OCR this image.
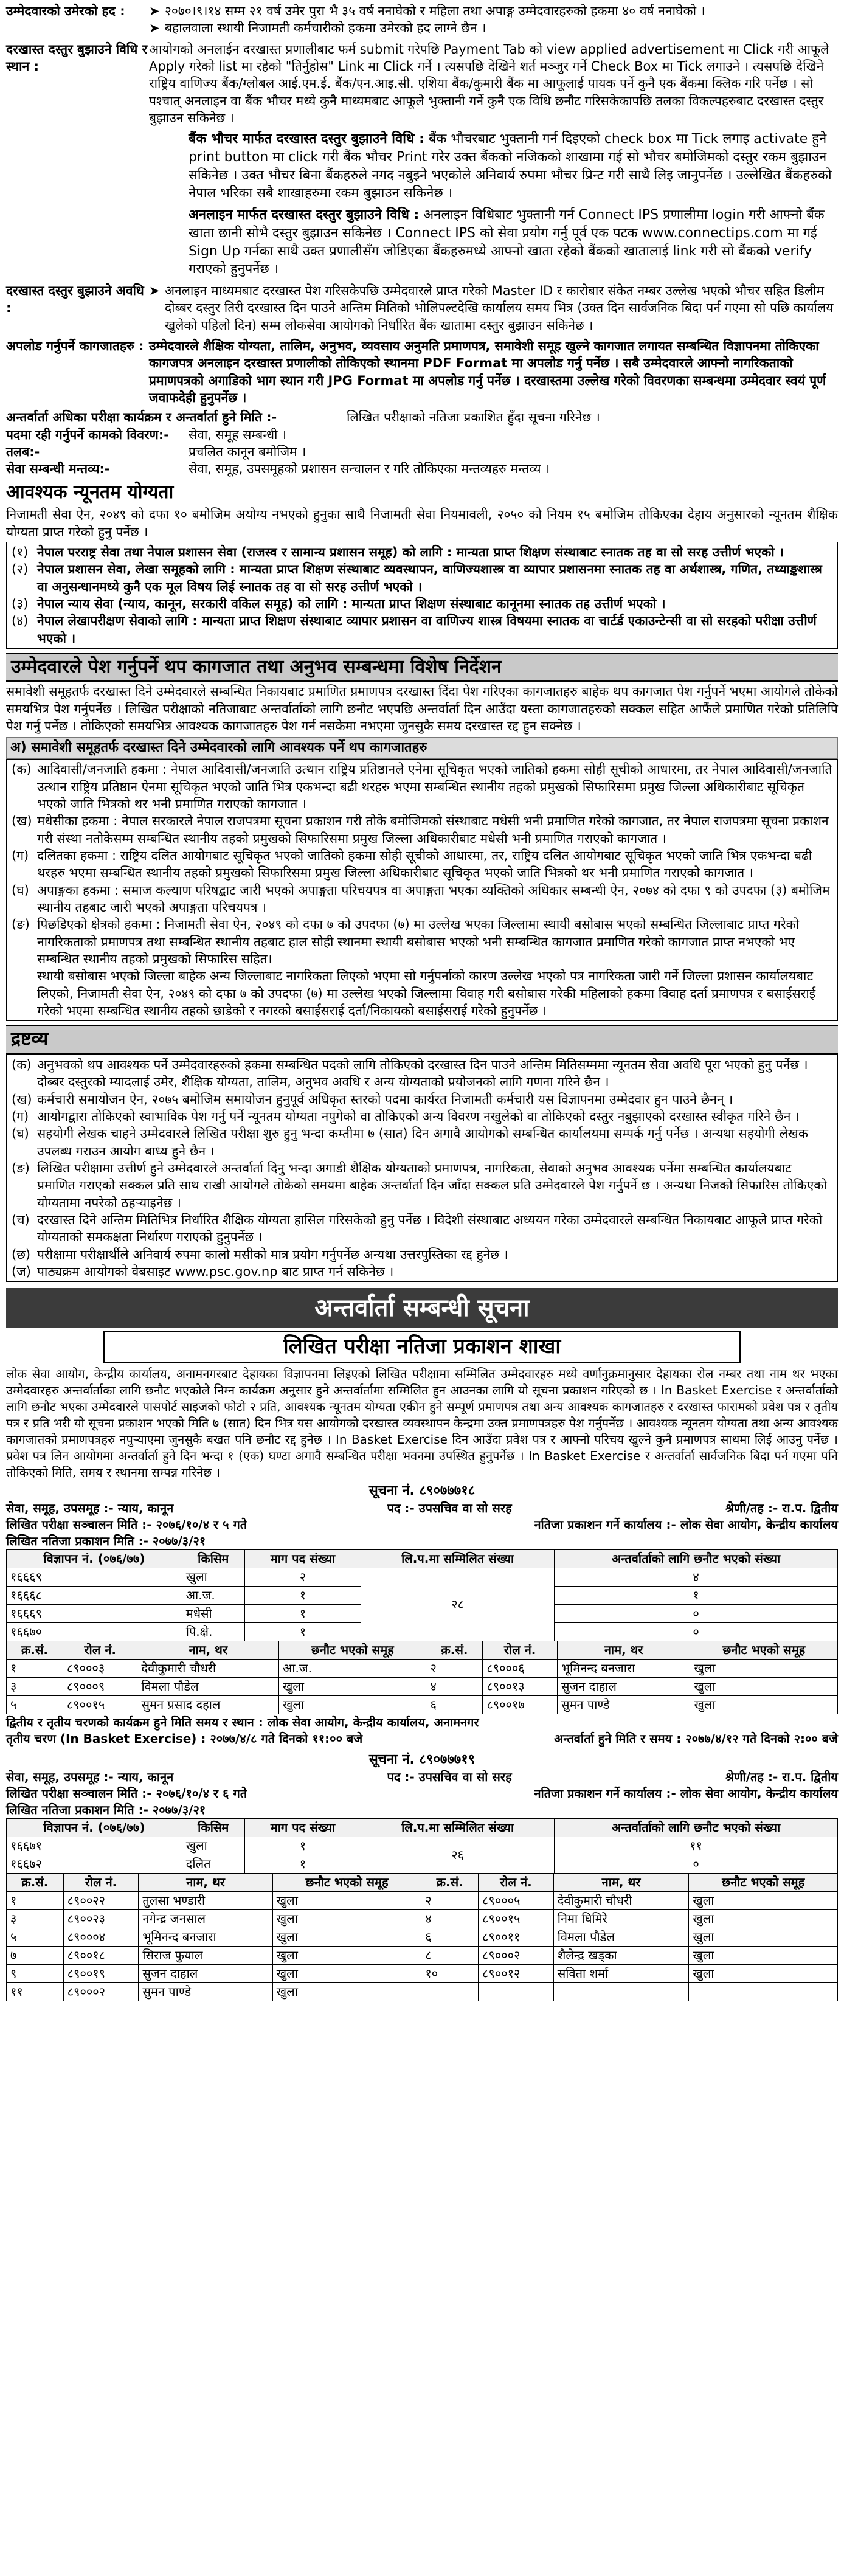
उम्मेदवारको उमेरको हद :	➤ २०७०।९।१४ सम्म २१ वर्ष उमेर पुरा भै ३५ वर्ष ननाघेको र महिला तथा अपाङ्ग उम्मेदवारहरुको हकमा ४० वर्ष ननाघेको ।
➤ बहालवाला स्थायी निजामती कर्मचारीको हकमा उमेरको हद लाग्ने छैन ।
दरखास्त दस्तुर बुझाउने विधि र स्थान :
आयोगको अनलाईन दरखास्त प्रणालीबाट फर्म submit गरेपछि Payment Tab को view applied advertisement मा Click गरी आफूले Apply गरेको list मा रहेको "तिर्नुहोस" Link मा Click गर्ने । त्यसपछि देखिने शर्त मञ्जुर गर्ने Check Box मा Tick लगाउने । त्यसपछि देखिने राष्ट्रिय वाणिज्य बैंक/ग्लोबल आई.एम.ई. बैंक/एन.आइ.सी. एशिया बैंक/कुमारी बैंक मा आफूलाई पायक पर्ने कुनै एक बैंकमा क्लिक गरि पर्नेछ । सो पश्चात् अनलाइन वा बैंक भौचर मध्ये कुनै माध्यमबाट आफूले भुक्तानी गर्ने कुनै एक विधि छनौट गरिसकेकापछि तलका विकल्पहरुबाट दरखास्त दस्तुर बुझाउन सकिनेछ ।
बैंक भौचर मार्फत दरखास्त दस्तुर बुझाउने विधि : बैंक भौचरबाट भुक्तानी गर्न दिइएको check box मा Tick लगाइ activate हुने print button मा click गरी बैंक भौचर Print गरेर उक्त बैंकको नजिकको शाखामा गई सो भौचर बमोजिमको दस्तुर रकम बुझाउन सकिनेछ । उक्त भौचर बिना बैंकहरुले नगद नबुझ्ने भएकोले अनिवार्य रुपमा भौचर प्रिन्ट गरी साथै लिइ जानुपर्नेछ । उल्लेखित बैंकहरुको नेपाल भरिका सबै शाखाहरुमा रकम बुझाउन सकिनेछ ।
अनलाइन मार्फत दरखास्त दस्तुर बुझाउने विधि : अनलाइन विधिबाट भुक्तानी गर्न Connect IPS प्रणालीमा login गरी आफ्नो बैंक खाता छानी सोभै दस्तुर बुझाउन सकिनेछ । Connect IPS को सेवा प्रयोग गर्नु पूर्व एक पटक www.connectips.com मा गई Sign Up गर्नका साथै उक्त प्रणालीसँग जोडिएका बैंकहरुमध्ये आफ्नो खाता रहेको बैंकको खातालाई link गरी सो बैंकको verify गराएको हुनुपर्नेछ ।
दरखास्त दस्तुर बुझाउने अवधि :
➤ अनलाइन माध्यमबाट दरखास्त पेश गरिसकेपछि उम्मेदवारले प्राप्त गरेको Master ID र कारोबार संकेत नम्बर उल्लेख भएको भौचर सहित डिलीम दोब्बर दस्तुर तिरी दरखास्त दिन पाउने अन्तिम मितिको भोलिपल्टदेखि कार्यालय समय भित्र (उक्त दिन सार्वजनिक बिदा पर्न गएमा सो पछि कार्यालय खुलेको पहिलो दिन) सम्म लोकसेवा आयोगको निर्धारित बैंक खातामा दस्तुर बुझाउन सकिनेछ ।
अपलोड गर्नुपर्ने कागजातहरु : उम्मेदवारले शैक्षिक योग्यता, तालिम, अनुभव, व्यवसाय अनुमति प्रमाणपत्र, समावेशी समूह खुल्ने कागजात लगायत सम्बन्धित विज्ञापनमा तोकिएका कागजपत्र अनलाइन दरखास्त प्रणालीको तोकिएको स्थानमा PDF Format मा अपलोड गर्नु पर्नेछ । सबै उम्मेदवारले आफ्नो नागरिकताको प्रमाणपत्रको अगाडिको भाग स्थान गरी JPG Format मा अपलोड गर्नु पर्नेछ । दरखास्तमा उल्लेख गरेको विवरणका सम्बन्धमा उम्मेदवार स्वयं पूर्ण जवाफदेही हुनुपर्नेछ ।
अन्तर्वार्ता अधिका परीक्षा कार्यक्रम र अन्तर्वार्ता हुने मिति :-	लिखित परीक्षाको नतिजा प्रकाशित हुँदा सूचना गरिनेछ ।
पदमा रही गर्नुपर्ने कामको विवरण:-	सेवा, समूह सम्बन्धी ।
तलब:-	प्रचलित कानून बमोजिम ।
सेवा सम्बन्धी मन्तव्य:-	सेवा, समूह, उपसमूहको प्रशासन सन्चालन र गरि तोकिएका मन्तव्यहरु मन्तव्य ।
आवश्यक न्यूनतम योग्यता

निजामती सेवा ऐन, २०४९ को दफा १० बमोजिम अयोग्य नभएको हुनुका साथै निजामती सेवा नियमावली, २०५० को नियम १५ बमोजिम तोकिएका देहाय अनुसारको न्यूनतम शैक्षिक योग्यता प्राप्त गरेको हुनु पर्नेछ ।

(१) नेपाल परराष्ट्र सेवा तथा नेपाल प्रशासन सेवा (राजस्व र सामान्य प्रशासन समूह) को लागि : मान्यता प्राप्त शिक्षण संस्थाबाट स्नातक तह वा सो सरह उत्तीर्ण भएको ।
(२) नेपाल प्रशासन सेवा, लेखा समूहको लागि : मान्यता प्राप्त शिक्षण संस्थाबाट व्यवस्थापन, वाणिज्यशास्त्र वा व्यापार प्रशासनमा स्नातक तह वा अर्थशास्त्र, गणित, तथ्याङ्कशास्त्र वा अनुसन्धानमध्ये कुनै एक मूल विषय लिई स्नातक तह वा सो सरह उत्तीर्ण भएको ।
(३) नेपाल न्याय सेवा (न्याय, कानून, सरकारी वकिल समूह) को लागि : मान्यता प्राप्त शिक्षण संस्थाबाट कानूनमा स्नातक तह उत्तीर्ण भएको ।
(४) नेपाल लेखापरीक्षण सेवाको लागि : मान्यता प्राप्त शिक्षण संस्थाबाट व्यापार प्रशासन वा वाणिज्य शास्त्र विषयमा स्नातक वा चार्टर्ड एकाउन्टेन्सी वा सो सरहको परीक्षा उत्तीर्ण भएको ।
उम्मेदवारले पेश गर्नुपर्ने थप कागजात तथा अनुभव सम्बन्धमा विशेष निर्देशन

समावेशी समूहतर्फ दरखास्त दिने उम्मेदवारले सम्बन्धित निकायबाट प्रमाणित प्रमाणपत्र दरखास्त दिंदा पेश गरिएका कागजातहरु बाहेक थप कागजात पेश गर्नुपर्ने भएमा आयोगले तोकेको समयभित्र पेश गर्नुपर्नेछ । लिखित परीक्षाको नतिजाबाट अन्तर्वार्ताको लागि छनौट भएपछि अन्तर्वार्ता दिन आउँदा यस्ता कागजातहरुको सक्कल सहित आफैंले प्रमाणित गरेको प्रतिलिपि पेश गर्नु पर्नेछ । तोकिएको समयभित्र आवश्यक कागजातहरु पेश गर्न नसकेमा नभएमा जुनसुकै समय दरखास्त रद्द हुन सक्नेछ ।

अ) समावेशी समूहतर्फ दरखास्त दिने उम्मेदवारको लागि आवश्यक पर्ने थप कागजातहरु
(क) आदिवासी/जनजाति हकमा : नेपाल आदिवासी/जनजाति उत्थान राष्ट्रिय प्रतिष्ठानले एनेमा सूचिकृत भएको जातिको हकमा सोही सूचीको आधारमा, तर नेपाल आदिवासी/जनजाति उत्थान राष्ट्रिय प्रतिष्ठान ऐनमा सूचिकृत भएको जाति भित्र एकभन्दा बढी थरहरु भएमा सम्बन्धित स्थानीय तहको प्रमुखको सिफारिसमा प्रमुख जिल्ला अधिकारीबाट सूचिकृत भएको जाति भित्रको थर भनी प्रमाणित गराएको कागजात ।
(ख) मधेसीका हकमा : नेपाल सरकारले नेपाल राजपत्रमा सूचना प्रकाशन गरी तोके बमोजिमको संस्थाबाट मधेसी भनी प्रमाणित गरेको कागजात, तर नेपाल राजपत्रमा सूचना प्रकाशन गरी संस्था नतोकेसम्म सम्बन्धित स्थानीय तहको प्रमुखको सिफारिसमा प्रमुख जिल्ला अधिकारीबाट मधेसी भनी प्रमाणित गराएको कागजात ।
(ग) दलितका हकमा : राष्ट्रिय दलित आयोगबाट सूचिकृत भएको जातिको हकमा सोही सूचीको आधारमा, तर, राष्ट्रिय दलित आयोगबाट सूचिकृत भएको जाति भित्र एकभन्दा बढी थरहरु भएमा सम्बन्धित स्थानीय तहको प्रमुखको सिफारिसमा प्रमुख जिल्ला अधिकारीबाट सूचिकृत भएको जाति भित्रको थर भनी प्रमाणित गराएको कागजात ।
(घ) अपाङ्गका हकमा : समाज कल्याण परिषद्बाट जारी भएको अपाङ्गता परिचयपत्र वा अपाङ्गता भएका व्यक्तिको अधिकार सम्बन्धी ऐन, २०७४ को दफा ९ को उपदफा (३) बमोजिम स्थानीय तहबाट जारी भएको अपाङ्गता परिचयपत्र ।
(ङ) पिछडिएको क्षेत्रको हकमा : निजामती सेवा ऐन, २०४९ को दफा ७ को उपदफा (७) मा उल्लेख भएका जिल्लामा स्थायी बसोबास भएको सम्बन्धित जिल्लाबाट प्राप्त गरेको नागरिकताको प्रमाणपत्र तथा सम्बन्धित स्थानीय तहबाट हाल सोही स्थानमा स्थायी बसोबास भएको भनी सम्बन्धित कागजात प्रमाणित गरेको कागजात प्राप्त नभएको भए सम्बन्धित स्थानीय तहको प्रमुखको सिफारिस सहित।
स्थायी बसोबास भएको जिल्ला बाहेक अन्य जिल्लाबाट नागरिकता लिएको भएमा सो गर्नुपर्नाको कारण उल्लेख भएको पत्र नागरिकता जारी गर्ने जिल्ला प्रशासन कार्यालयबाट लिएको, निजामती सेवा ऐन, २०४९ को दफा ७ को उपदफा (७) मा उल्लेख भएको जिल्लामा विवाह गरी बसोबास गरेकी महिलाको हकमा विवाह दर्ता प्रमाणपत्र र बसाईसराई गरेको भएमा सम्बन्धित स्थानीय तहको छाडेको र नगरको बसाईसराई दर्ता/निकायको बसाईसराई गरेको हुनुपर्नेछ ।
द्रष्टव्य
(क) अनुभवको थप आवश्यक पर्ने उम्मेदवारहरुको हकमा सम्बन्धित पदको लागि तोकिएको दरखास्त दिन पाउने अन्तिम मितिसम्ममा न्यूनतम सेवा अवधि पूरा भएको हुनु पर्नेछ । दोब्बर दस्तुरको म्यादलाई उमेर, शैक्षिक योग्यता, तालिम, अनुभव अवधि र अन्य योग्यताको प्रयोजनको लागि गणना गरिने छैन ।
(ख) कर्मचारी समायोजन ऐन, २०७५ बमोजिम समायोजन हुनुपूर्व अधिकृत स्तरको पदमा कार्यरत निजामती कर्मचारी यस विज्ञापनमा उम्मेदवार हुन पाउने छैनन् ।
(ग) आयोगद्वारा तोकिएको स्वाभाविक पेश गर्नु पर्ने न्यूनतम योग्यता नपुगेको वा तोकिएको अन्य विवरण नखुलेको वा तोकिएको दस्तुर नबुझाएको दरखास्त स्वीकृत गरिने छैन ।
(घ) सहयोगी लेखक चाहने उम्मेदवारले लिखित परीक्षा शुरु हुनु भन्दा कम्तीमा ७ (सात) दिन अगावै आयोगको सम्बन्धित कार्यालयमा सम्पर्क गर्नु पर्नेछ । अन्यथा सहयोगी लेखक उपलब्ध गराउन आयोग बाध्य हुने छैन ।
(ङ) लिखित परीक्षामा उत्तीर्ण हुने उम्मेदवारले अन्तर्वार्ता दिनु भन्दा अगाडी शैक्षिक योग्यताको प्रमाणपत्र, नागरिकता, सेवाको अनुभव आवश्यक पर्नेमा सम्बन्धित कार्यालयबाट प्रमाणित गराएको सक्कल प्रति साथ राखी आयोगले तोकेको समयमा बाहेक अन्तर्वार्ता दिन जाँदा सक्कल प्रति उम्मेदवारले पेश गर्नुपर्ने छ । अन्यथा निजको सिफारिस तोकिएको योग्यतामा नपरेको ठहर्‍याइनेछ ।
(च) दरखास्त दिने अन्तिम मितिभित्र निर्धारित शैक्षिक योग्यता हासिल गरिसकेको हुनु पर्नेछ । विदेशी संस्थाबाट अध्ययन गरेका उम्मेदवारले सम्बन्धित निकायबाट आफूले प्राप्त गरेको योग्यताको समकक्षता निर्धारण गराएको हुनुपर्नेछ ।
(छ) परीक्षामा परीक्षार्थीले अनिवार्य रुपमा कालो मसीको मात्र प्रयोग गर्नुपर्नेछ अन्यथा उत्तरपुस्तिका रद्द हुनेछ ।
(ज) पाठ्यक्रम आयोगको वेबसाइट www.psc.gov.np बाट प्राप्त गर्न सकिनेछ ।
अन्तर्वार्ता सम्बन्धी सूचना
लिखित परीक्षा नतिजा प्रकाशन शाखा

लोक सेवा आयोग, केन्द्रीय कार्यालय, अनामनगरबाट देहायका विज्ञापनमा लिइएको लिखित परीक्षामा सम्मिलित उम्मेदवारहरु मध्ये वर्णानुक्रमानुसार देहायका रोल नम्बर तथा नाम थर भएका उम्मेदवारहरु अन्तर्वार्ताका लागि छनौट भएकोले निम्न कार्यक्रम अनुसार हुने अन्तर्वार्तामा सम्मिलित हुन आउनका लागि यो सूचना प्रकाशन गरिएको छ । In Basket Exercise र अन्तर्वार्ताको लागि छनौट भएका उम्मेदवारले पासपोर्ट साइजको फोटो २ प्रति, आवश्यक न्यूनतम योग्यता एकीन हुने सम्पूर्ण प्रमाणपत्र तथा अन्य आवश्यक कागजातहरु र दरखास्त फारामको प्रवेश पत्र र तृतीय पत्र र प्रति भरी यो सूचना प्रकाशन भएको मिति ७ (सात) दिन भित्र यस आयोगको दरखास्त व्यवस्थापन केन्द्रमा उक्त प्रमाणपत्रहरु पेश गर्नुपर्नेछ । आवश्यक न्यूनतम योग्यता तथा अन्य आवश्यक कागजातको प्रमाणपत्रहरु नपुऱ्याएमा जुनसुकै बखत पनि छनौट रद्द हुनेछ । In Basket Exercise दिन आउँदा प्रवेश पत्र र आफ्नो परिचय खुल्ने कुनै प्रमाणपत्र साथमा लिई आउनु पर्नेछ । प्रवेश पत्र लिन आयोगमा अन्तर्वार्ता हुने दिन भन्दा १ (एक) घण्टा अगावै सम्बन्धित परीक्षा भवनमा उपस्थित हुनुपर्नेछ । In Basket Exercise र अन्तर्वार्ता सार्वजनिक बिदा पर्न गएमा पनि तोकिएको मिति, समय र स्थानमा सम्पन्न गरिनेछ ।

सूचना नं. ८९०७७७१८
सेवा, समूह, उपसमूह :- न्याय, कानून	पद :- उपसचिव वा सो सरह	श्रेणी/तह :- रा.प. द्वितीय
लिखित परीक्षा सञ्चालन मिति :- २०७६/१०/४ र ५ गते	नतिजा प्रकाशन गर्ने कार्यालय :- लोक सेवा आयोग, केन्द्रीय कार्यालय
लिखित नतिजा प्रकाशन मिति :- २०७७/३/२१
विज्ञापन नं. (०७६/७७)	किसिम	माग पद संख्या	लि.प.मा सम्मिलित संख्या	अन्तर्वार्ताको लागि छनौट भएको संख्या
१६६६९	खुला	२	२८	४
१६६६८	आ.ज.	१		१
१६६६९	मधेसी	१		०
१६६७०	पि.क्षे.	१		०
क्र.सं.	रोल नं.	नाम, थर	छनौट भएको समूह	क्र.सं.	रोल नं.	नाम, थर	छनौट भएको समूह
१	८९०००३	देवीकुमारी चौधरी	आ.ज.	२	८९०००६	भूमिनन्द बनजारा	खुला
३	८९०००९	विमला पौडेल	खुला	४	८९००१३	सुजन दाहाल	खुला
५	८९००१५	सुमन प्रसाद दहाल	खुला	६	८९००१७	सुमन पाण्डे	खुला
द्वितीय र तृतीय चरणको कार्यक्रम हुने मिति समय र स्थान : लोक सेवा आयोग, केन्द्रीय कार्यालय, अनामनगर
तृतीय चरण (In Basket Exercise) : २०७७/४/८ गते दिनको ११:०० बजे	अन्तर्वार्ता हुने मिति र समय : २०७७/४/१२ गते दिनको २:०० बजे
सूचना नं. ८९०७७७१९
सेवा, समूह, उपसमूह :- न्याय, कानून	पद :- उपसचिव वा सो सरह	श्रेणी/तह :- रा.प. द्वितीय
लिखित परीक्षा सञ्चालन मिति :- २०७६/१०/४ र ६ गते	नतिजा प्रकाशन गर्ने कार्यालय :- लोक सेवा आयोग, केन्द्रीय कार्यालय
लिखित नतिजा प्रकाशन मिति :- २०७७/३/२१
विज्ञापन नं. (०७६/७७)	किसिम	माग पद संख्या	लि.प.मा सम्मिलित संख्या	अन्तर्वार्ताको लागि छनौट भएको संख्या
१६६७१	खुला	१	२६	११
१६६७२	दलित	१		०
क्र.सं.	रोल नं.	नाम, थर	छनौट भएको समूह	क्र.सं.	रोल नं.	नाम, थर	छनौट भएको समूह
१	८९००२२	तुलसा भण्डारी	खुला	२	८९०००५	देवीकुमारी चौधरी	खुला
३	८९००२३	नगेन्द्र जनसाल	खुला	४	८९००१५	निमा घिमिरे	खुला
५	८९०००४	भूमिनन्द बनजारा	खुला	६	८९००११	विमला पौडेल	खुला
७	८९००१८	सिराज फुयाल	खुला	८	८९०००२	शैलेन्द्र खड्का	खुला
९	८९००१९	सुजन दाहाल	खुला	१०	८९००१२	सविता शर्मा	खुला
११	८९०००२	सुमन पाण्डे	खुला				
